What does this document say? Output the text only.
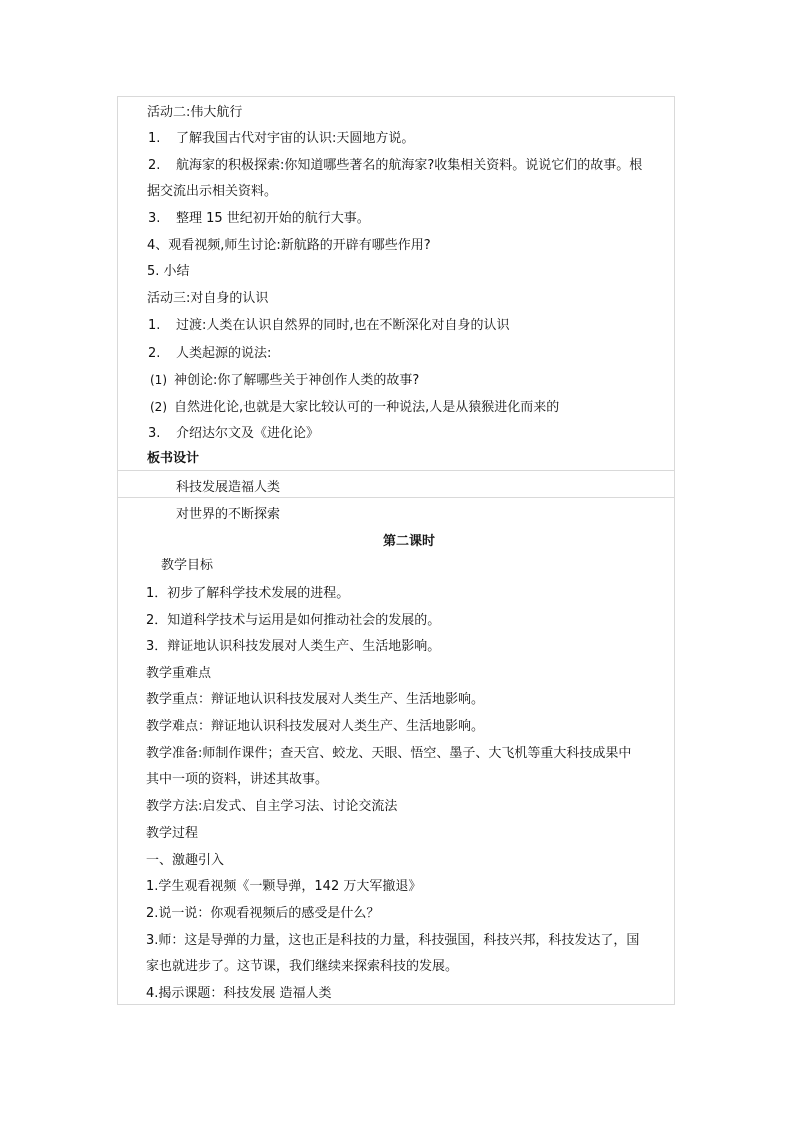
活动二:伟大航行
1. 了解我国古代对宇宙的认识:天圆地方说。
2. 航海家的积极探索:你知道哪些著名的航海家?收集相关资料。说说它们的故事。根
据交流出示相关资料。
3. 整理 15 世纪初开始的航行大事。
4、观看视频,师生讨论:新航路的开辟有哪些作用?
5. 小结
活动三:对自身的认识
1. 过渡:人类在认识自然界的同时,也在不断深化对自身的认识
2. 人类起源的说法:
(1) 神创论:你了解哪些关于神创作人类的故事?
(2) 自然进化论,也就是大家比较认可的一种说法,人是从猿猴进化而来的
3. 介绍达尔文及《进化论》
板书设计
科技发展造福人类
对世界的不断探索
第二课时
教学目标
1．初步了解科学技术发展的进程。
2．知道科学技术与运用是如何推动社会的发展的。
3．辩证地认识科技发展对人类生产、生活地影响。
教学重难点
教学重点：辩证地认识科技发展对人类生产、生活地影响。
教学难点：辩证地认识科技发展对人类生产、生活地影响。
教学准备:师制作课件；查天宫、蛟龙、天眼、悟空、墨子、大飞机等重大科技成果中
其中一项的资料，讲述其故事。
教学方法:启发式、自主学习法、讨论交流法
教学过程
一、激趣引入
1.学生观看视频《一颗导弹，142 万大军撤退》
2.说一说：你观看视频后的感受是什么？
3.师：这是导弹的力量，这也正是科技的力量，科技强国，科技兴邦，科技发达了，国
家也就进步了。这节课，我们继续来探索科技的发展。
4.揭示课题：科技发展 造福人类
